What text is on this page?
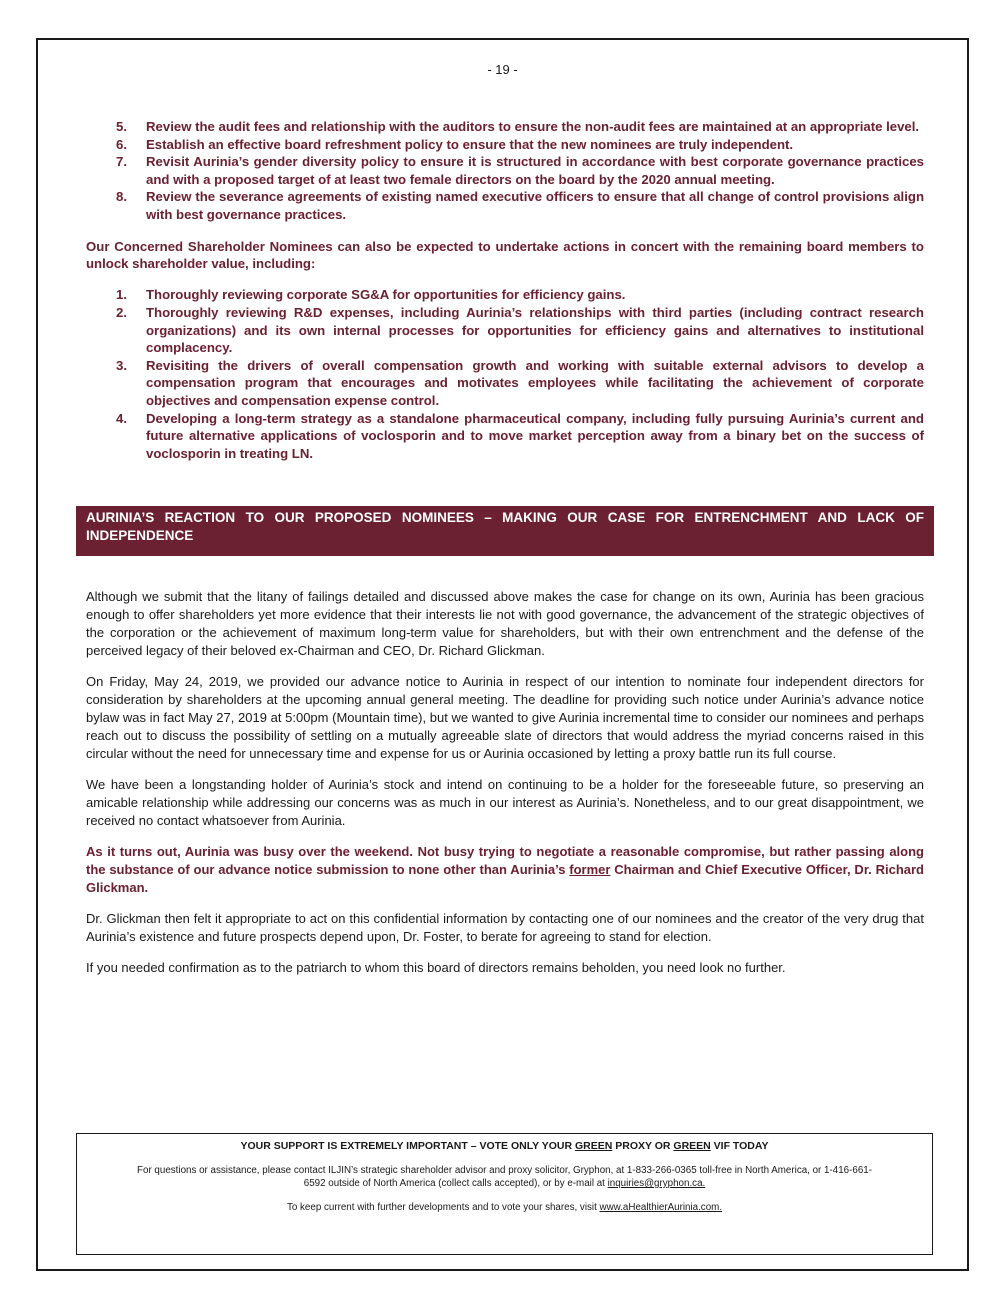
- 19 -
5. Review the audit fees and relationship with the auditors to ensure the non-audit fees are maintained at an appropriate level.
6. Establish an effective board refreshment policy to ensure that the new nominees are truly independent.
7. Revisit Aurinia’s gender diversity policy to ensure it is structured in accordance with best corporate governance practices and with a proposed target of at least two female directors on the board by the 2020 annual meeting.
8. Review the severance agreements of existing named executive officers to ensure that all change of control provisions align with best governance practices.

Our Concerned Shareholder Nominees can also be expected to undertake actions in concert with the remaining board members to unlock shareholder value, including:

1. Thoroughly reviewing corporate SG&A for opportunities for efficiency gains.
2. Thoroughly reviewing R&D expenses, including Aurinia’s relationships with third parties (including contract research organizations) and its own internal processes for opportunities for efficiency gains and alternatives to institutional complacency.
3. Revisiting the drivers of overall compensation growth and working with suitable external advisors to develop a compensation program that encourages and motivates employees while facilitating the achievement of corporate objectives and compensation expense control.
4. Developing a long-term strategy as a standalone pharmaceutical company, including fully pursuing Aurinia’s current and future alternative applications of voclosporin and to move market perception away from a binary bet on the success of voclosporin in treating LN.
AURINIA’S REACTION TO OUR PROPOSED NOMINEES – MAKING OUR CASE FOR ENTRENCHMENT AND LACK OF INDEPENDENCE

Although we submit that the litany of failings detailed and discussed above makes the case for change on its own, Aurinia has been gracious enough to offer shareholders yet more evidence that their interests lie not with good governance, the advancement of the strategic objectives of the corporation or the achievement of maximum long-term value for shareholders, but with their own entrenchment and the defense of the perceived legacy of their beloved ex-Chairman and CEO, Dr. Richard Glickman.

On Friday, May 24, 2019, we provided our advance notice to Aurinia in respect of our intention to nominate four independent directors for consideration by shareholders at the upcoming annual general meeting. The deadline for providing such notice under Aurinia’s advance notice bylaw was in fact May 27, 2019 at 5:00pm (Mountain time), but we wanted to give Aurinia incremental time to consider our nominees and perhaps reach out to discuss the possibility of settling on a mutually agreeable slate of directors that would address the myriad concerns raised in this circular without the need for unnecessary time and expense for us or Aurinia occasioned by letting a proxy battle run its full course.

We have been a longstanding holder of Aurinia’s stock and intend on continuing to be a holder for the foreseeable future, so preserving an amicable relationship while addressing our concerns was as much in our interest as Aurinia’s. Nonetheless, and to our great disappointment, we received no contact whatsoever from Aurinia.

As it turns out, Aurinia was busy over the weekend. Not busy trying to negotiate a reasonable compromise, but rather passing along the substance of our advance notice submission to none other than Aurinia’s former Chairman and Chief Executive Officer, Dr. Richard Glickman.

Dr. Glickman then felt it appropriate to act on this confidential information by contacting one of our nominees and the creator of the very drug that Aurinia’s existence and future prospects depend upon, Dr. Foster, to berate for agreeing to stand for election.

If you needed confirmation as to the patriarch to whom this board of directors remains beholden, you need look no further.

YOUR SUPPORT IS EXTREMELY IMPORTANT – VOTE ONLY YOUR GREEN PROXY OR GREEN VIF TODAY
For questions or assistance, please contact ILJIN’s strategic shareholder advisor and proxy solicitor, Gryphon, at 1-833-266-0365 toll-free in North America, or 1-416-661-6592 outside of North America (collect calls accepted), or by e-mail at inquiries@gryphon.ca.
To keep current with further developments and to vote your shares, visit www.aHealthierAurinia.com.
